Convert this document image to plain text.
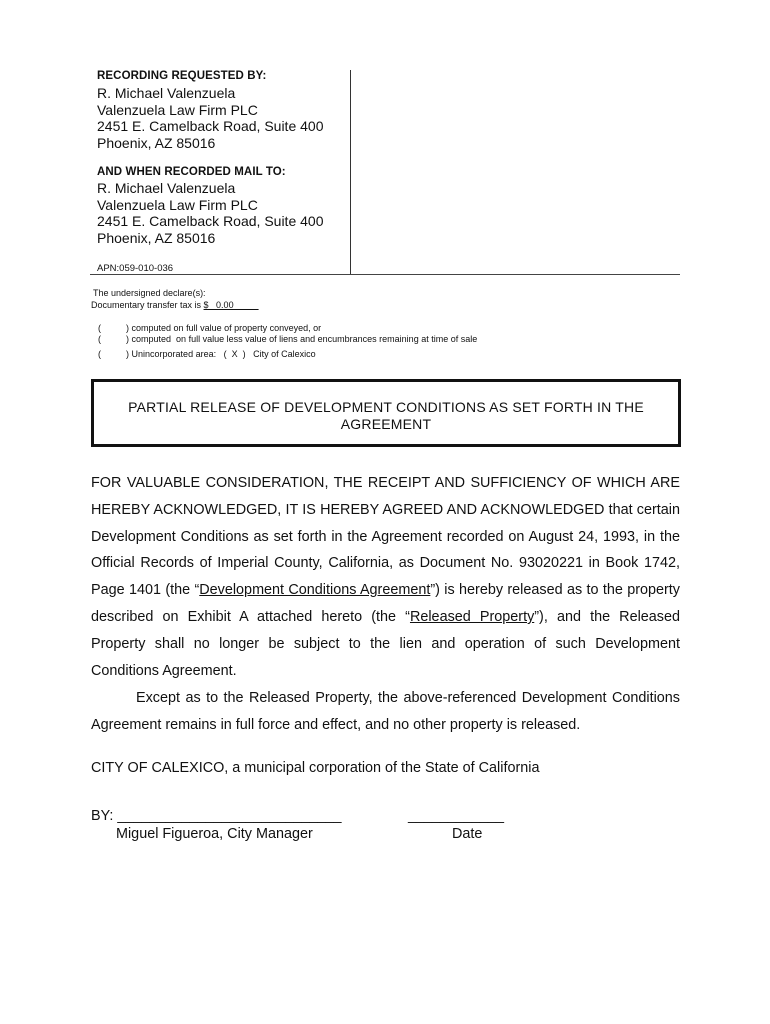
RECORDING REQUESTED BY:
R. Michael Valenzuela
Valenzuela Law Firm PLC
2451 E. Camelback Road, Suite 400
Phoenix, AZ 85016
AND WHEN RECORDED MAIL TO:
R. Michael Valenzuela
Valenzuela Law Firm PLC
2451 E. Camelback Road, Suite 400
Phoenix, AZ 85016
APN:059-010-036
The undersigned declare(s):
Documentary transfer tax is $   0.00

(          ) computed on full value of property conveyed, or

(          ) computed  on full value less value of liens and encumbrances remaining at time of sale

(          ) Unincorporated area:   (  X  )   City of Calexico

PARTIAL RELEASE OF DEVELOPMENT CONDITIONS AS SET FORTH IN THE
AGREEMENT
FOR VALUABLE CONSIDERATION, THE RECEIPT AND SUFFICIENCY OF WHICH ARE HEREBY ACKNOWLEDGED, IT IS HEREBY AGREED AND ACKNOWLEDGED that certain Development Conditions as set forth in the Agreement recorded on August 24, 1993, in the Official Records of Imperial County, California, as Document No. 93020221 in Book 1742, Page 1401 (the “Development Conditions Agreement”) is hereby released as to the property described on Exhibit A attached hereto (the “Released Property”), and the Released Property shall no longer be subject to the lien and operation of such Development Conditions Agreement.
Except as to the Released Property, the above-referenced Development Conditions Agreement remains in full force and effect, and no other property is released.
CITY OF CALEXICO, a municipal corporation of the State of California
BY: ____________________________	____________
Miguel Figueroa, City Manager	Date
